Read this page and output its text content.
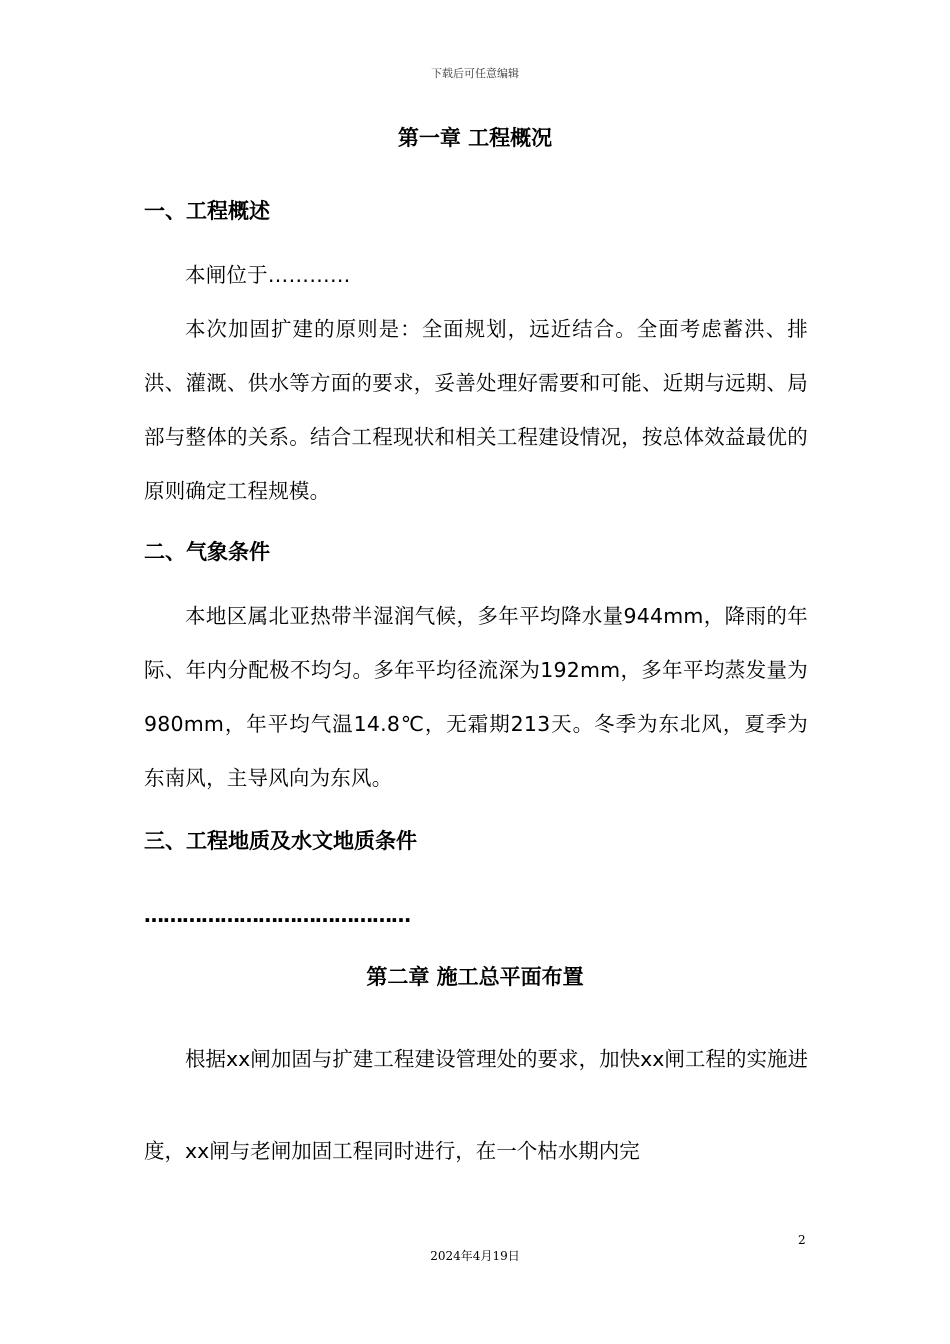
下载后可任意编辑
第一章 工程概况
一、工程概述

本闸位于…………

本次加固扩建的原则是：全面规划，远近结合。全面考虑蓄洪、排洪、灌溉、供水等方面的要求，妥善处理好需要和可能、近期与远期、局部与整体的关系。结合工程现状和相关工程建设情况，按总体效益最优的原则确定工程规模。

二、气象条件

本地区属北亚热带半湿润气候，多年平均降水量944mm，降雨的年际、年内分配极不均匀。多年平均径流深为192mm，多年平均蒸发量为980mm，年平均气温14.8℃，无霜期213天。冬季为东北风，夏季为东南风，主导风向为东风。

三、工程地质及水文地质条件
……………………………………
第二章 施工总平面布置

根据xx闸加固与扩建工程建设管理处的要求，加快xx闸工程的实施进度，xx闸与老闸加固工程同时进行，在一个枯水期内完

2
2024年4月19日
